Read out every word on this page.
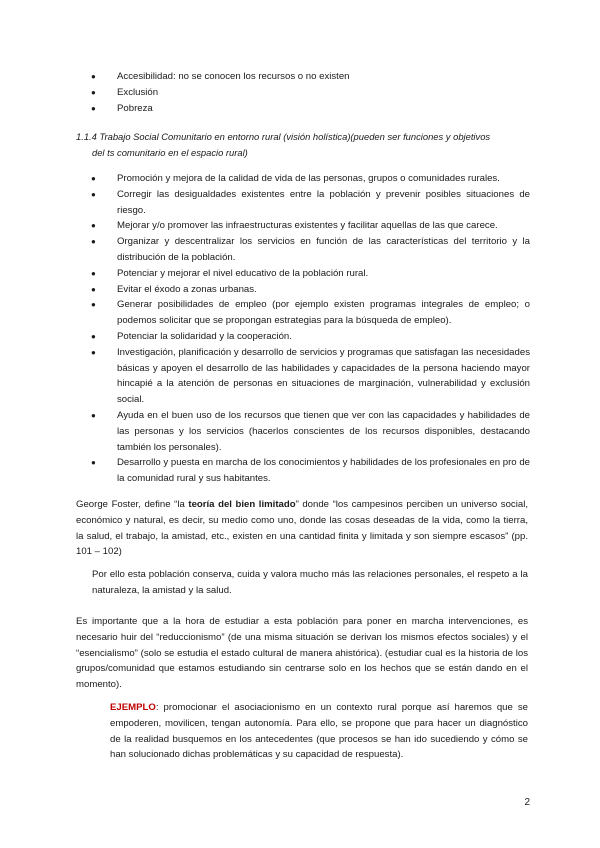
● Accesibilidad: no se conocen los recursos o no existen
● Exclusión
● Pobreza
1.1.4 Trabajo Social Comunitario en entorno rural (visión holística)(pueden ser funciones y objetivos
del ts comunitario en el espacio rural)
● Promoción y mejora de la calidad de vida de las personas, grupos o comunidades rurales.
● Corregir las desigualdades existentes entre la población y prevenir posibles situaciones de riesgo.
● Mejorar y/o promover las infraestructuras existentes y facilitar aquellas de las que carece.
● Organizar y descentralizar los servicios en función de las características del territorio y la distribución de la población.
● Potenciar y mejorar el nivel educativo de la población rural.
● Evitar el éxodo a zonas urbanas.
● Generar posibilidades de empleo (por ejemplo existen programas integrales de empleo; o podemos solicitar que se propongan estrategias para la búsqueda de empleo).
● Potenciar la solidaridad y la cooperación.
● Investigación, planificación y desarrollo de servicios y programas que satisfagan las necesidades básicas y apoyen el desarrollo de las habilidades y capacidades de la persona haciendo mayor hincapié a la atención de personas en situaciones de marginación, vulnerabilidad y exclusión social.
● Ayuda en el buen uso de los recursos que tienen que ver con las capacidades y habilidades de las personas y los servicios (hacerlos conscientes de los recursos disponibles, destacando también los personales).
● Desarrollo y puesta en marcha de los conocimientos y habilidades de los profesionales en pro de la comunidad rural y sus habitantes.

George Foster, define “la teoría del bien limitado” donde “los campesinos perciben un universo social, económico y natural, es decir, su medio como uno, donde las cosas deseadas de la vida, como la tierra, la salud, el trabajo, la amistad, etc., existen en una cantidad finita y limitada y son siempre escasos” (pp. 101 – 102)

Por ello esta población conserva, cuida y valora mucho más las relaciones personales, el respeto a la naturaleza, la amistad y la salud.

Es importante que a la hora de estudiar a esta población para poner en marcha intervenciones, es necesario huir del “reduccionismo” (de una misma situación se derivan los mismos efectos sociales) y el “esencialismo” (solo se estudia el estado cultural de manera ahistórica). (estudiar cual es la historia de los grupos/comunidad que estamos estudiando sin centrarse solo en los hechos que se están dando en el momento).

EJEMPLO: promocionar el asociacionismo en un contexto rural porque así haremos que se empoderen, movilicen, tengan autonomía. Para ello, se propone que para hacer un diagnóstico de la realidad busquemos en los antecedentes (que procesos se han ido sucediendo y cómo se han solucionado dichas problemáticas y su capacidad de respuesta).

2
